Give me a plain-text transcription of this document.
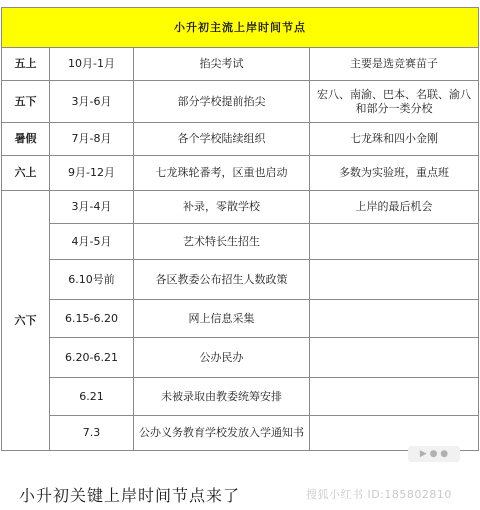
小升初主流上岸时间节点			
五上	10月-1月	掐尖考试	主要是选竞赛苗子
五下	3月-6月	部分学校提前掐尖	宏八、南渝、巴本、名联、渝八
和部分一类分校

暑假	7月-8月	各个学校陆续组织	七龙珠和四小金刚
六上	9月-12月	七龙珠轮番考，区重也启动	多数为实验班，重点班
六下	3月-4月	补录，零散学校	上岸的最后机会
	4月-5月	艺术特长生招生	
	6.10号前	各区教委公布招生人数政策	
	6.15-6.20	网上信息采集	
	6.20-6.21	公办民办	
	6.21	未被录取由教委统筹安排	
	7.3	公办义务教育学校发放入学通知书	
▶ ● ●
小升初关键上岸时间节点来了	搜狐小红书 ID:185802810
